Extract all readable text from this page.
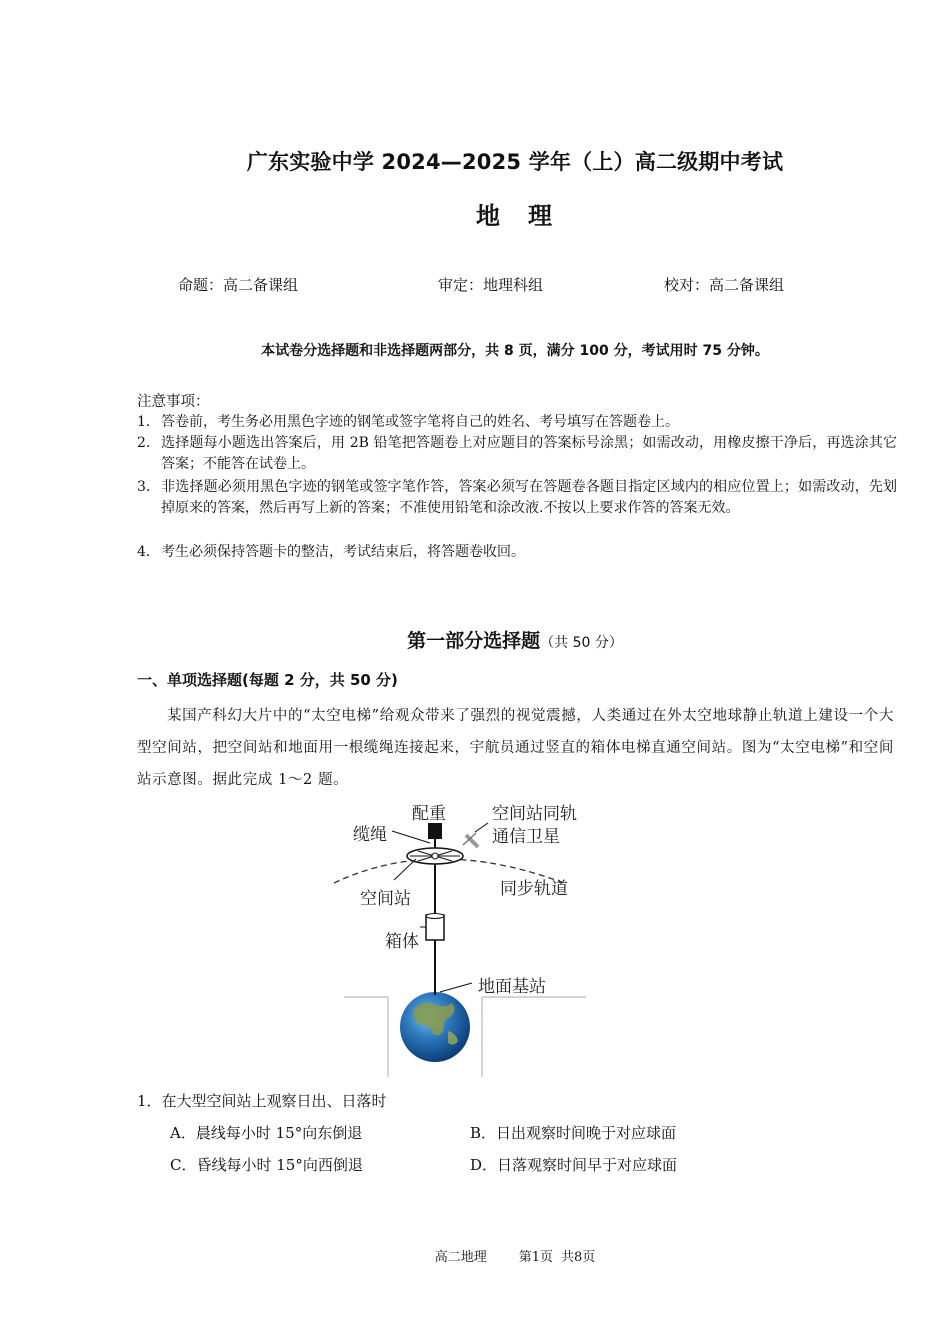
广东实验中学 2024—2025 学年（上）高二级期中考试
地　理
命题：高二备课组	审定：地理科组	校对：高二备课组
本试卷分选择题和非选择题两部分，共 8 页，满分 100 分，考试用时 75 分钟。
注意事项：
1．答卷前，考生务必用黑色字迹的钢笔或签字笔将自己的姓名、考号填写在答题卷上。
2．选择题每小题选出答案后，用 2B 铅笔把答题卷上对应题目的答案标号涂黑；如需改动，用橡皮擦干净后，再选涂其它答案；不能答在试卷上。
3．非选择题必须用黑色字迹的钢笔或签字笔作答，答案必须写在答题卷各题目指定区域内的相应位置上；如需改动，先划掉原来的答案，然后再写上新的答案；不准使用铅笔和涂改液.不按以上要求作答的答案无效。
4．考生必须保持答题卡的整洁，考试结束后，将答题卷收回。
第一部分选择题（共 50 分）
一、单项选择题(每题 2 分，共 50 分)
某国产科幻大片中的“太空电梯”给观众带来了强烈的视觉震撼，人类通过在外太空地球静止轨道上建设一个大型空间站，把空间站和地面用一根缆绳连接起来，宇航员通过竖直的箱体电梯直通空间站。图为“太空电梯”和空间站示意图。据此完成 1～2 题。
配重	空间站同轨
通信卫星
缆绳
空间站	同步轨道
箱体
地面基站
1．在大型空间站上观察日出、日落时
A．晨线每小时 15°向东倒退	B．日出观察时间晚于对应球面
C．昏线每小时 15°向西倒退	D．日落观察时间早于对应球面
高二地理 第1页 共8页
